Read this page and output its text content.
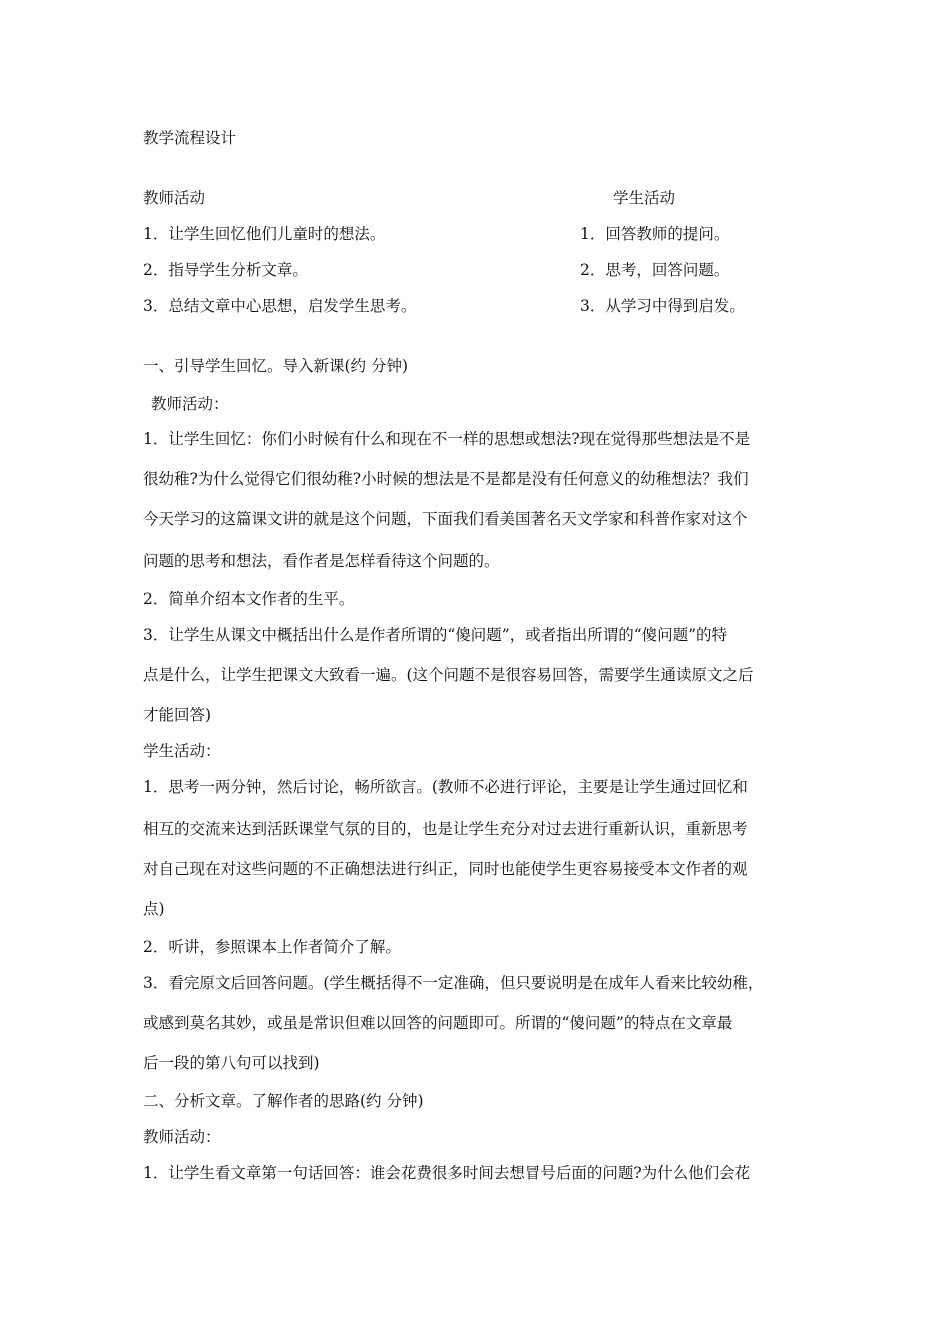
教学流程设计
教师活动	学生活动
1．让学生回忆他们儿童时的想法。	1．回答教师的提问。
2．指导学生分析文章。	2．思考，回答问题。
3．总结文章中心思想，启发学生思考。	3．从学习中得到启发。
一、引导学生回忆。导入新课(约 分钟)
教师活动：
1．让学生回忆：你们小时候有什么和现在不一样的思想或想法?现在觉得那些想法是不是
很幼稚?为什么觉得它们很幼稚?小时候的想法是不是都是没有任何意义的幼稚想法？我们
今天学习的这篇课文讲的就是这个问题，下面我们看美国著名天文学家和科普作家对这个
问题的思考和想法，看作者是怎样看待这个问题的。
2．简单介绍本文作者的生平。
3．让学生从课文中概括出什么是作者所谓的“傻问题”，或者指出所谓的“傻问题”的特
点是什么，让学生把课文大致看一遍。(这个问题不是很容易回答，需要学生通读原文之后
才能回答)
学生活动：
1．思考一两分钟，然后讨论，畅所欲言。(教师不必进行评论，主要是让学生通过回忆和
相互的交流来达到活跃课堂气氛的目的，也是让学生充分对过去进行重新认识，重新思考
对自己现在对这些问题的不正确想法进行纠正，同时也能使学生更容易接受本文作者的观
点)
2．听讲，参照课本上作者简介了解。
3．看完原文后回答问题。(学生概括得不一定准确，但只要说明是在成年人看来比较幼稚，
或感到莫名其妙，或虽是常识但难以回答的问题即可。所谓的“傻问题”的特点在文章最
后一段的第八句可以找到)
二、分析文章。了解作者的思路(约 分钟)
教师活动：
1．让学生看文章第一句话回答：谁会花费很多时间去想冒号后面的问题?为什么他们会花
